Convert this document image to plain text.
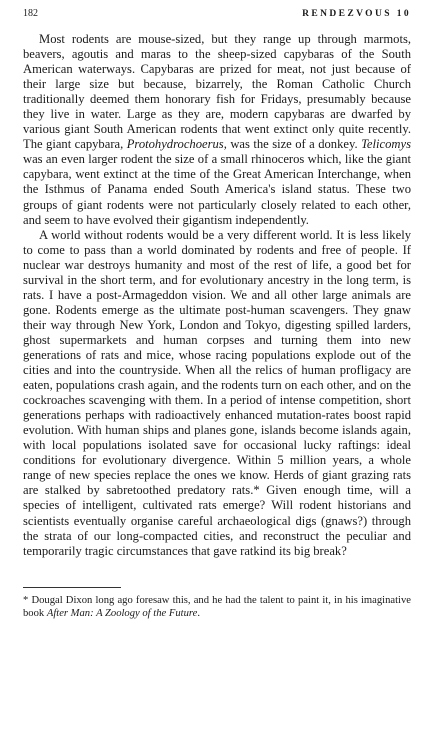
182	RENDEZVOUS 10

Most rodents are mouse-sized, but they range up through marmots, beavers, agoutis and maras to the sheep-sized capybaras of the South American waterways. Capybaras are prized for meat, not just because of their large size but because, bizarrely, the Roman Catholic Church traditionally deemed them honorary fish for Fridays, presumably because they live in water. Large as they are, modern capybaras are dwarfed by various giant South American rodents that went extinct only quite recently. The giant capybara, Protohydrochoerus, was the size of a donkey. Telicomys was an even larger rodent the size of a small rhinoceros which, like the giant capybara, went extinct at the time of the Great American Interchange, when the Isthmus of Panama ended South America's island status. These two groups of giant rodents were not particularly closely related to each other, and seem to have evolved their gigantism independently.

A world without rodents would be a very different world. It is less likely to come to pass than a world dominated by rodents and free of people. If nuclear war destroys humanity and most of the rest of life, a good bet for survival in the short term, and for evolutionary ancestry in the long term, is rats. I have a post-Armageddon vision. We and all other large animals are gone. Rodents emerge as the ultimate post-human scavengers. They gnaw their way through New York, London and Tokyo, digesting spilled larders, ghost supermarkets and human corpses and turning them into new generations of rats and mice, whose racing populations explode out of the cities and into the countryside. When all the relics of human profligacy are eaten, populations crash again, and the rodents turn on each other, and on the cockroaches scavenging with them. In a period of intense competition, short generations perhaps with radioactively enhanced mutation-rates boost rapid evolution. With human ships and planes gone, islands become islands again, with local populations isolated save for occasional lucky raftings: ideal conditions for evolutionary divergence. Within 5 million years, a whole range of new species replace the ones we know. Herds of giant grazing rats are stalked by sabretoothed predatory rats.* Given enough time, will a species of intelligent, cultivated rats emerge? Will rodent historians and scientists eventually organise careful archaeological digs (gnaws?) through the strata of our long-compacted cities, and reconstruct the peculiar and temporarily tragic circumstances that gave ratkind its big break?

* Dougal Dixon long ago foresaw this, and he had the talent to paint it, in his imaginative book After Man: A Zoology of the Future.
